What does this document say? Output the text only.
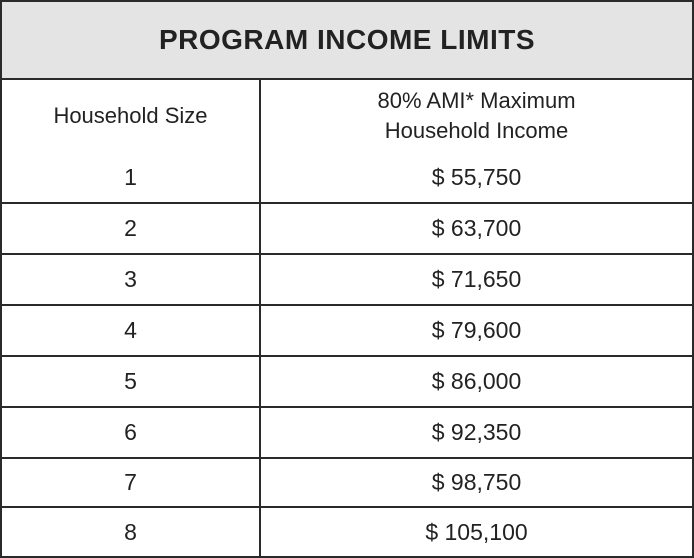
PROGRAM INCOME LIMITS
Household Size	80% AMI* Maximum
Household Income

1	$ 55,750
2	$ 63,700
3	$ 71,650
4	$ 79,600
5	$ 86,000
6	$ 92,350
7	$ 98,750
8	$ 105,100
